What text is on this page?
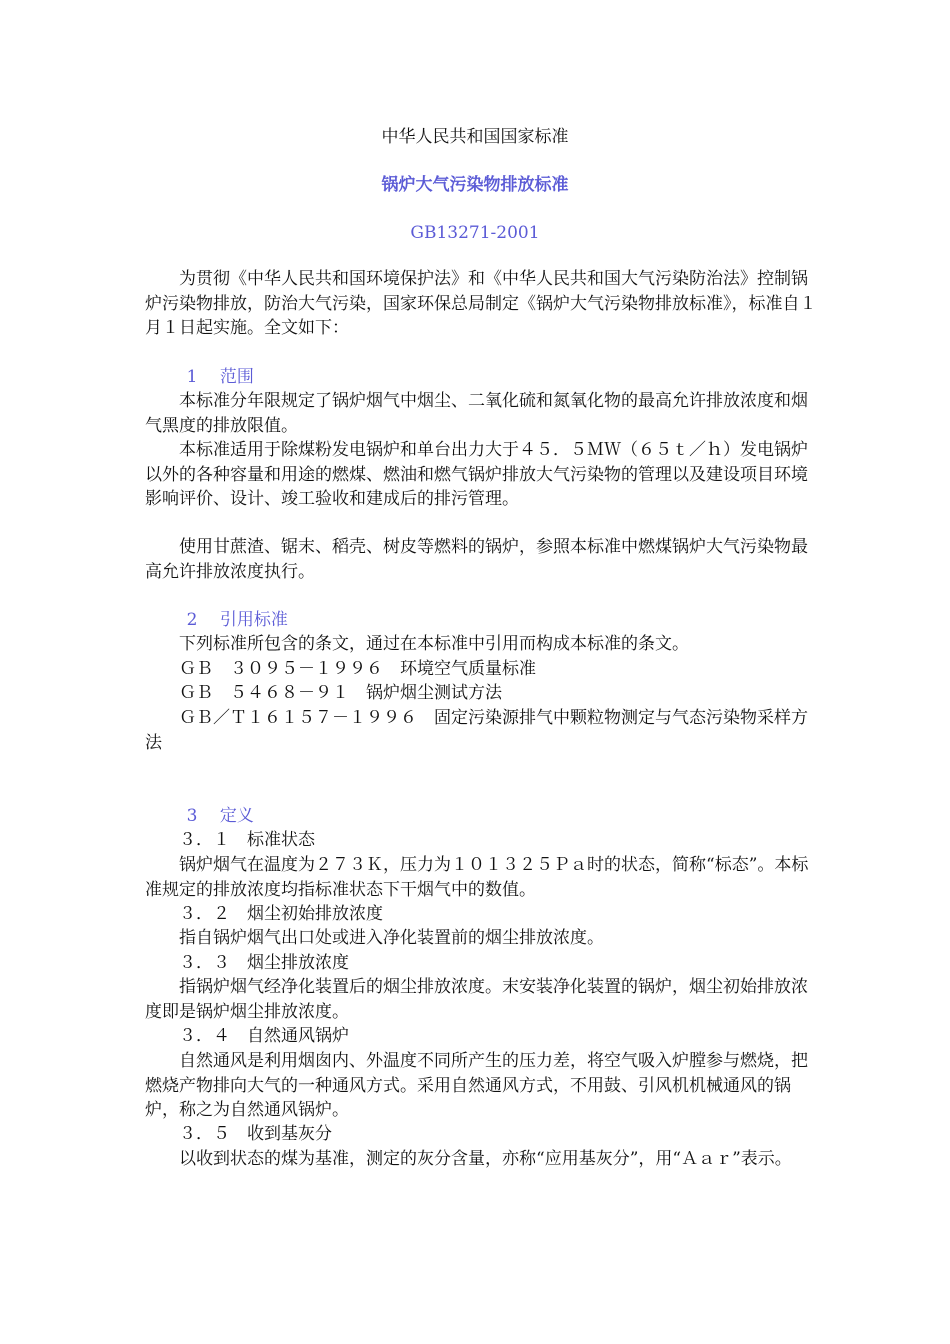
中华人民共和国国家标准

锅炉大气污染物排放标准

GB13271-2001

为贯彻《中华人民共和国环境保护法》和《中华人民共和国大气污染防治法》控制锅炉污染物排放，防治大气污染，国家环保总局制定《锅炉大气污染物排放标准》，标准自１月１日起实施。全文如下：

1　 范围

本标准分年限规定了锅炉烟气中烟尘、二氧化硫和氮氧化物的最高允许排放浓度和烟气黑度的排放限值。

本标准适用于除煤粉发电锅炉和单台出力大于４５．５ＭＷ（６５ｔ／ｈ）发电锅炉以外的各种容量和用途的燃煤、燃油和燃气锅炉排放大气污染物的管理以及建设项目环境影响评价、设计、竣工验收和建成后的排污管理。

使用甘蔗渣、锯末、稻壳、树皮等燃料的锅炉，参照本标准中燃煤锅炉大气污染物最高允许排放浓度执行。

2　 引用标准

下列标准所包含的条文，通过在本标准中引用而构成本标准的条文。

ＧＢ　３０９５－１９９６　环境空气质量标准

ＧＢ　５４６８－９１　锅炉烟尘测试方法

ＧＢ／Ｔ１６１５７－１９９６　固定污染源排气中颗粒物测定与气态污染物采样方法

3　 定义

３．１　标准状态

锅炉烟气在温度为２７３Ｋ，压力为１０１３２５Ｐａ时的状态，简称“标态”。本标准规定的排放浓度均指标准状态下干烟气中的数值。

３．２　烟尘初始排放浓度

指自锅炉烟气出口处或进入净化装置前的烟尘排放浓度。

３．３　烟尘排放浓度

指锅炉烟气经净化装置后的烟尘排放浓度。末安装净化装置的锅炉，烟尘初始排放浓度即是锅炉烟尘排放浓度。

３．４　自然通风锅炉

自然通风是利用烟囱内、外温度不同所产生的压力差，将空气吸入炉膛参与燃烧，把燃烧产物排向大气的一种通风方式。采用自然通风方式，不用鼓、引风机机械通风的锅炉，称之为自然通风锅炉。

３．５　收到基灰分

以收到状态的煤为基准，测定的灰分含量，亦称“应用基灰分”，用“Ａａｒ”表示。
